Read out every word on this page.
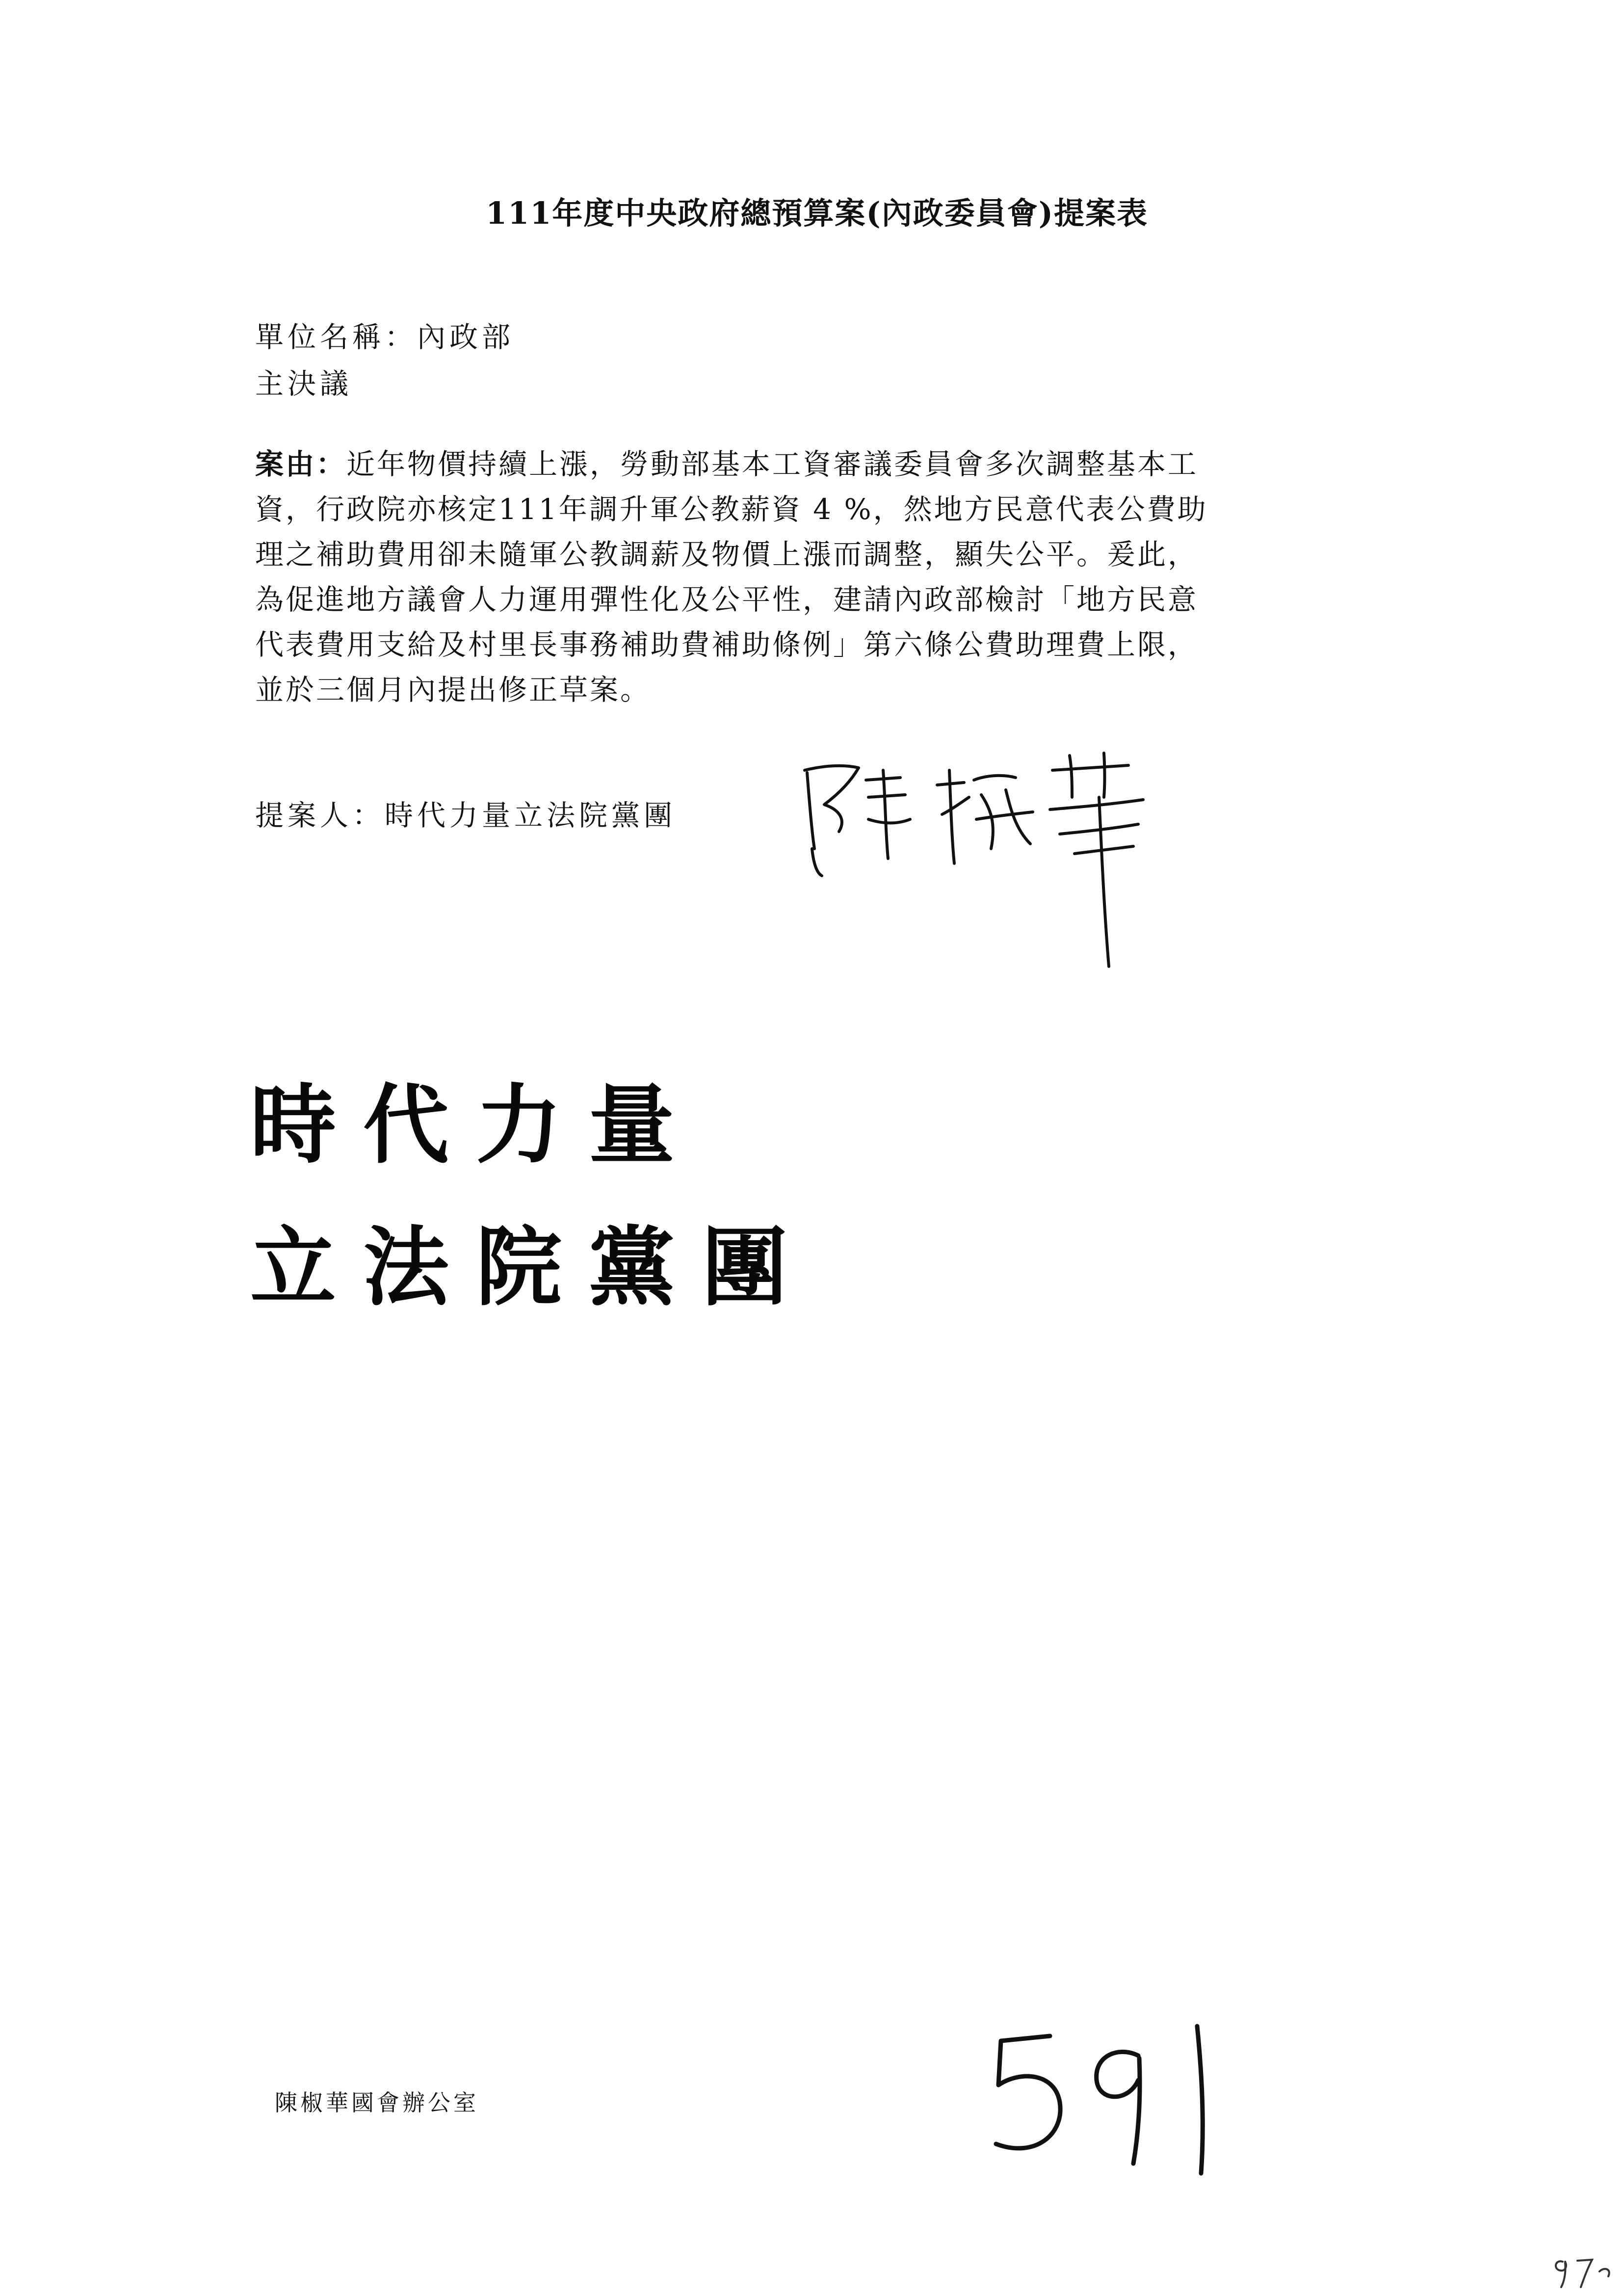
111年度中央政府總預算案(內政委員會)提案表
單位名稱：內政部
主決議
案由：近年物價持續上漲，勞動部基本工資審議委員會多次調整基本工
資，行政院亦核定111年調升軍公教薪資 4 %，然地方民意代表公費助
理之補助費用卻未隨軍公教調薪及物價上漲而調整，顯失公平。爰此，
為促進地方議會人力運用彈性化及公平性，建請內政部檢討「地方民意
代表費用支給及村里長事務補助費補助條例」第六條公費助理費上限，
並於三個月內提出修正草案。
提案人：時代力量立法院黨團
時代力量
立法院黨團
陳椒華國會辦公室
